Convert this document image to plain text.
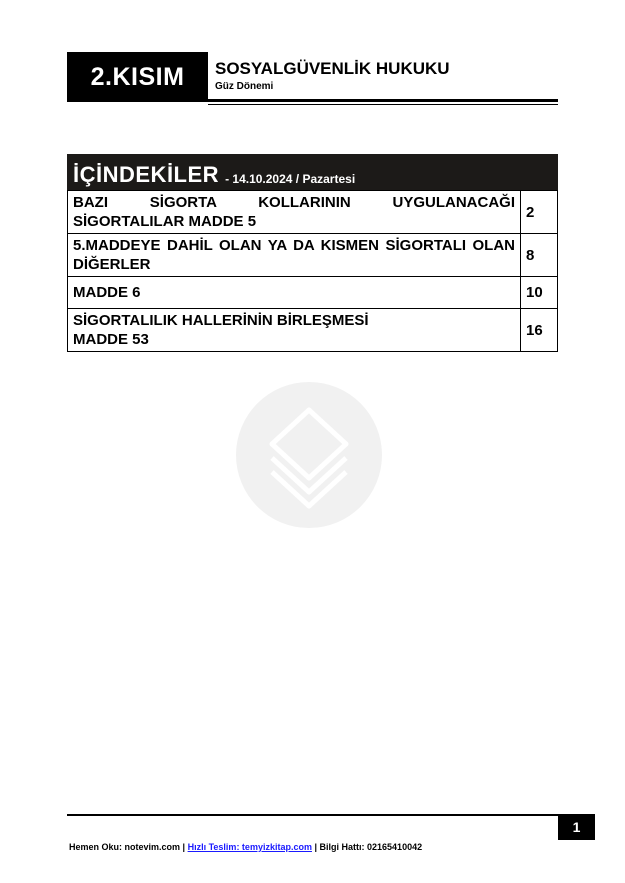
2.KISIM	SOSYALGÜVENLİK HUKUKU
Güz Dönemi
İÇİNDEKİLER - 14.10.2024 / Pazartesi
BAZI SİGORTA KOLLARININ UYGULANACAĞI
SİGORTALILAR MADDE 5	2

5.MADDEYE DAHİL OLAN YA DA KISMEN SİGORTALI OLAN
DİĞERLER	8
MADDE 6	10

SİGORTALILIK HALLERİNİN BİRLEŞMESİ
MADDE 53	16
1
Hemen Oku: notevim.com | Hızlı Teslim: temyizkitap.com | Bilgi Hattı: 02165410042
